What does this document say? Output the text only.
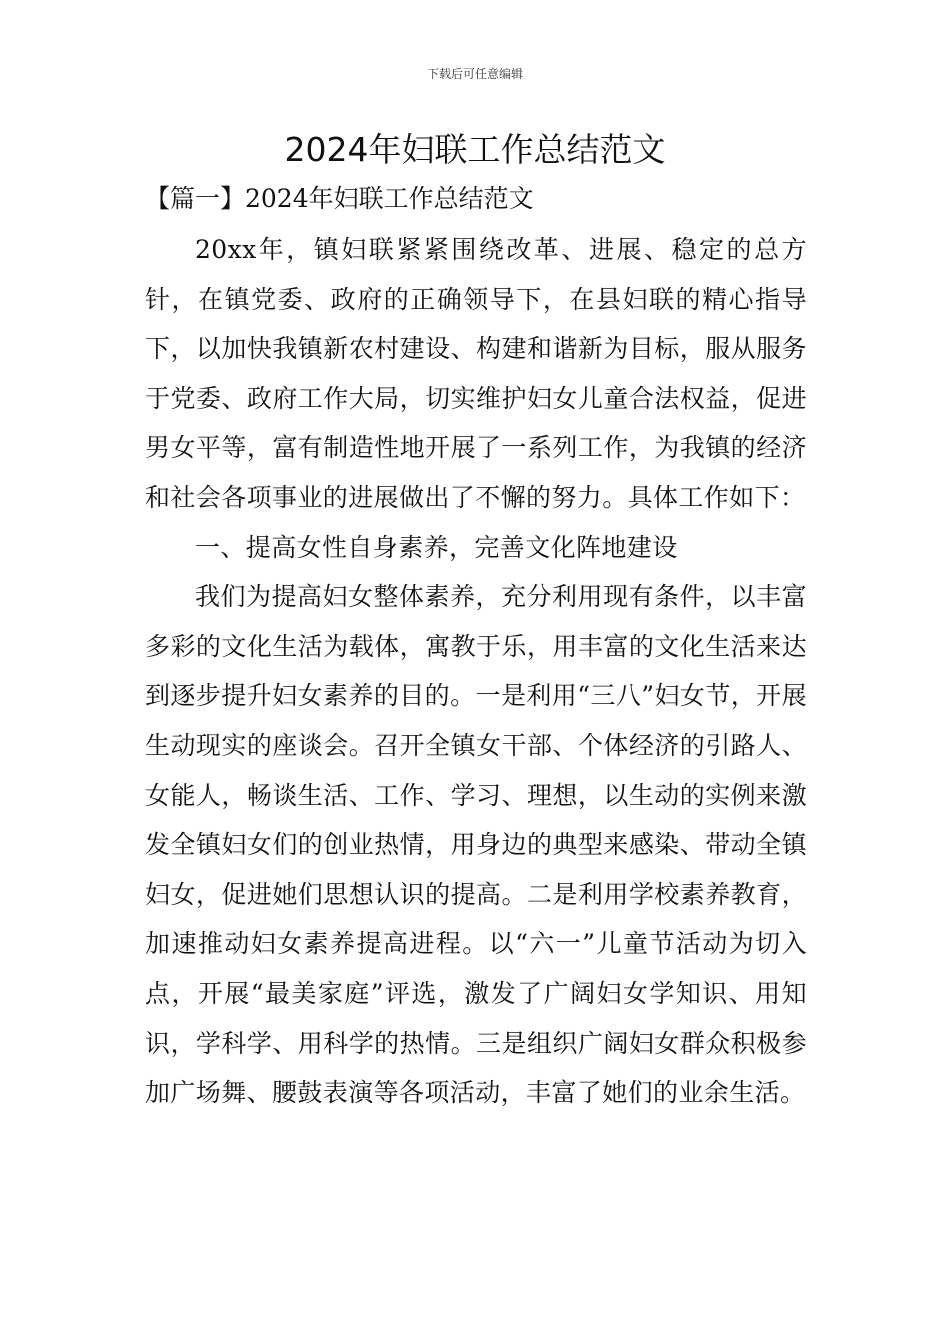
下载后可任意编辑
2024年妇联工作总结范文
【篇一】2024年妇联工作总结范文

20xx年，镇妇联紧紧围绕改革、进展、稳定的总方针，在镇党委、政府的正确领导下，在县妇联的精心指导下，以加快我镇新农村建设、构建和谐新为目标，服从服务于党委、政府工作大局，切实维护妇女儿童合法权益，促进男女平等，富有制造性地开展了一系列工作，为我镇的经济和社会各项事业的进展做出了不懈的努力。具体工作如下：

一、提高女性自身素养，完善文化阵地建设

我们为提高妇女整体素养，充分利用现有条件，以丰富多彩的文化生活为载体，寓教于乐，用丰富的文化生活来达到逐步提升妇女素养的目的。一是利用“三八”妇女节，开展生动现实的座谈会。召开全镇女干部、个体经济的引路人、女能人，畅谈生活、工作、学习、理想，以生动的实例来激发全镇妇女们的创业热情，用身边的典型来感染、带动全镇妇女，促进她们思想认识的提高。二是利用学校素养教育，加速推动妇女素养提高进程。以“六一”儿童节活动为切入点，开展“最美家庭”评选，激发了广阔妇女学知识、用知识，学科学、用科学的热情。三是组织广阔妇女群众积极参加广场舞、腰鼓表演等各项活动，丰富了她们的业余生活。
